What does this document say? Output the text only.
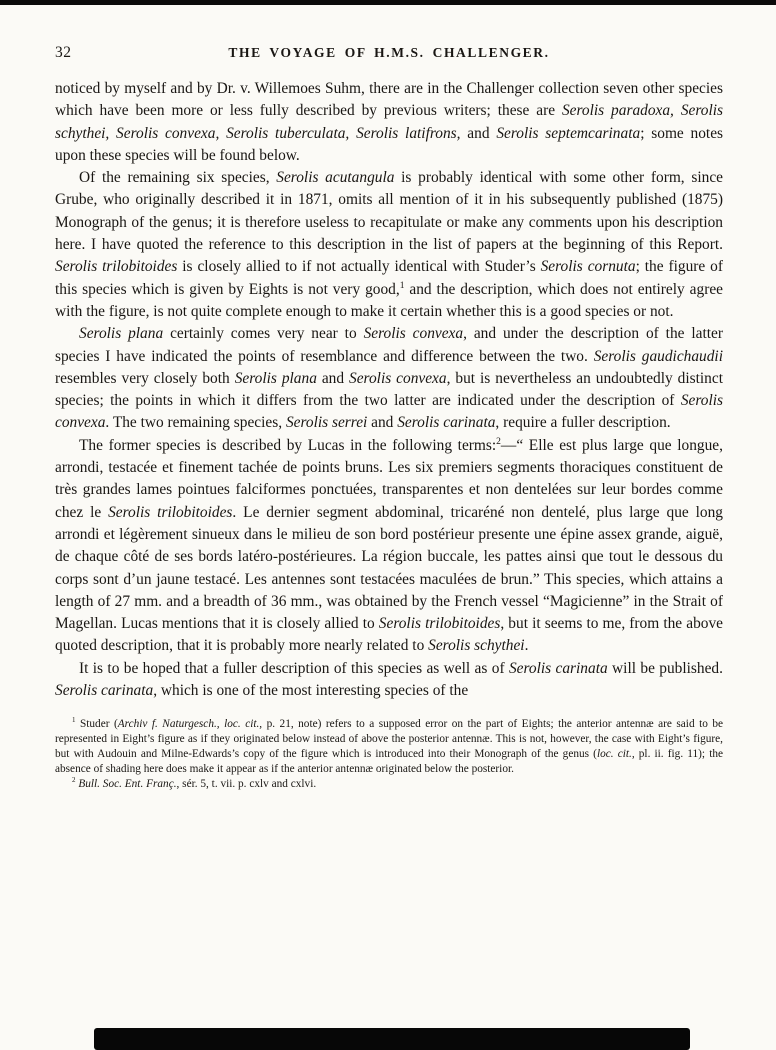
32	THE VOYAGE OF H.M.S. CHALLENGER.

noticed by myself and by Dr. v. Willemoes Suhm, there are in the Challenger collection seven other species which have been more or less fully described by previous writers; these are Serolis paradoxa, Serolis schythei, Serolis convexa, Serolis tuberculata, Serolis latifrons, and Serolis septemcarinata; some notes upon these species will be found below.

Of the remaining six species, Serolis acutangula is probably identical with some other form, since Grube, who originally described it in 1871, omits all mention of it in his subsequently published (1875) Monograph of the genus; it is therefore useless to recapitulate or make any comments upon his description here. I have quoted the reference to this description in the list of papers at the beginning of this Report. Serolis trilobitoides is closely allied to if not actually identical with Studer’s Serolis cornuta; the figure of this species which is given by Eights is not very good,$^1$ and the description, which does not entirely agree with the figure, is not quite complete enough to make it certain whether this is a good species or not.

Serolis plana certainly comes very near to Serolis convexa, and under the description of the latter species I have indicated the points of resemblance and difference between the two. Serolis gaudichaudii resembles very closely both Serolis plana and Serolis convexa, but is nevertheless an undoubtedly distinct species; the points in which it differs from the two latter are indicated under the description of Serolis convexa. The two remaining species, Serolis serrei and Serolis carinata, require a fuller description.

The former species is described by Lucas in the following terms:$^2$—“ Elle est plus large que longue, arrondi, testacée et finement tachée de points bruns. Les six premiers segments thoraciques constituent de très grandes lames pointues falciformes ponctuées, transparentes et non dentelées sur leur bordes comme chez le Serolis trilobitoides. Le dernier segment abdominal, tricaréné non dentelé, plus large que long arrondi et légèrement sinueux dans le milieu de son bord postérieur presente une épine assex grande, aiguë, de chaque côté de ses bords latéro-postérieures. La région buccale, les pattes ainsi que tout le dessous du corps sont d’un jaune testacé. Les antennes sont testacées maculées de brun.” This species, which attains a length of 27 mm. and a breadth of 36 mm., was obtained by the French vessel “Magicienne” in the Strait of Magellan. Lucas mentions that it is closely allied to Serolis trilobitoides, but it seems to me, from the above quoted description, that it is probably more nearly related to Serolis schythei.

It is to be hoped that a fuller description of this species as well as of Serolis carinata will be published. Serolis carinata, which is one of the most interesting species of the

$^1$ Studer (Archiv f. Naturgesch., loc. cit., p. 21, note) refers to a supposed error on the part of Eights; the anterior antennæ are said to be represented in Eight’s figure as if they originated below instead of above the posterior antennæ. This is not, however, the case with Eight’s figure, but with Audouin and Milne-Edwards’s copy of the figure which is introduced into their Monograph of the genus (loc. cit., pl. ii. fig. 11); the absence of shading here does make it appear as if the anterior antennæ originated below the posterior.

$^2$ Bull. Soc. Ent. Franç., sér. 5, t. vii. p. cxlv and cxlvi.
